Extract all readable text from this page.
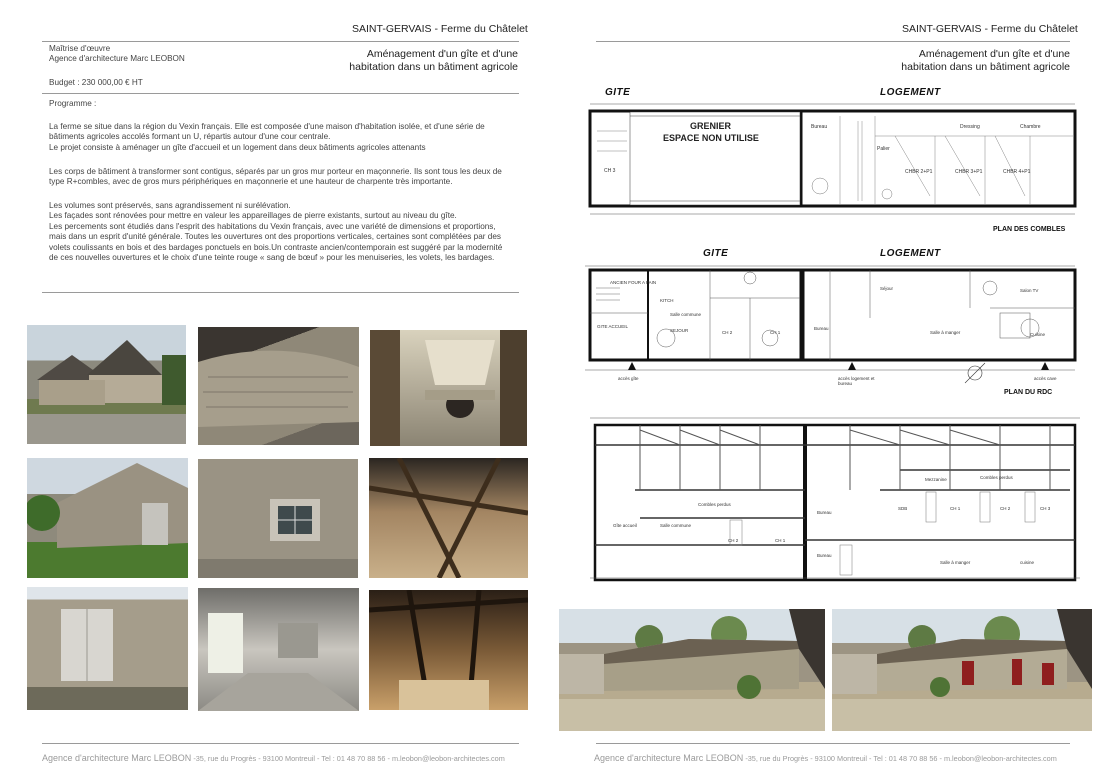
SAINT-GERVAIS - Ferme du Châtelet
Aménagement d'un gîte et d'une
habitation dans un bâtiment agricole

Maîtrise d'œuvre

Agence d'architecture Marc LEOBON

Budget : 230 000,00 € HT
Programme :

La ferme se situe dans la région du Vexin français. Elle est composée d'une maison d'habitation isolée, et d'une série de

bâtiments agricoles accolés formant un U, répartis autour d'une cour centrale.

Le projet consiste à aménager un gîte d'accueil et un logement dans deux bâtiments agricoles attenants

Les corps de bâtiment à transformer sont contigus, séparés par un gros mur porteur en maçonnerie. Ils sont tous les deux de

type R+combles, avec de gros murs périphériques en maçonnerie et une hauteur de charpente très importante.

Les volumes sont préservés, sans agrandissement ni surélévation.

Les façades sont rénovées pour mettre en valeur les appareillages de pierre existants, surtout au niveau du gîte.

Les percements sont étudiés dans l'esprit des habitations du Vexin français, avec une variété de dimensions et proportions,

mais dans un esprit d'unité générale. Toutes les ouvertures ont des proportions verticales, certaines sont complétées par des

volets coulissants en bois et des bardages ponctuels en bois.Un contraste ancien/contemporain est suggéré par la modernité

de ces nouvelles ouvertures et le choix d'une teinte rouge « sang de bœuf » pour les menuiseries, les volets, les bardages.

Agence d'architecture Marc LEOBON -35, rue du Progrès - 93100 Montreuil - Tel : 01 48 70 88 56 - m.leobon@leobon-architectes.com
SAINT-GERVAIS - Ferme du Châtelet
Aménagement d'un gîte et d'une
habitation dans un bâtiment agricole
GITE	LOGEMENT
GRENIER
ESPACE NON UTILISE
CH 3
Bureau
Palier
CHBR 2+P1	CHBR 3+P1	CHBR 4+P1
Chambre
Dressing
PLAN DES COMBLES
GITE	LOGEMENT
ANCIEN FOUR A PAIN
GITE ACCUEIL
SEJOUR
Salle commune
KITCH
CH 2	CH 1
Bureau
Séjour
Salle à manger	Cuisine
Salon TV
accès gîte	accès logement et bureau
accès cave
PLAN DU RDC
Combles perdus
Combles perdus
Mezzanine
Salle commune
CH 2	CH 1
Bureau
SDB	CH 1	CH 2	CH 3
Bureau
Salle à manger	cuisine
Gîte accueil
Agence d'architecture Marc LEOBON -35, rue du Progrès - 93100 Montreuil - Tel : 01 48 70 88 56 - m.leobon@leobon-architectes.com
